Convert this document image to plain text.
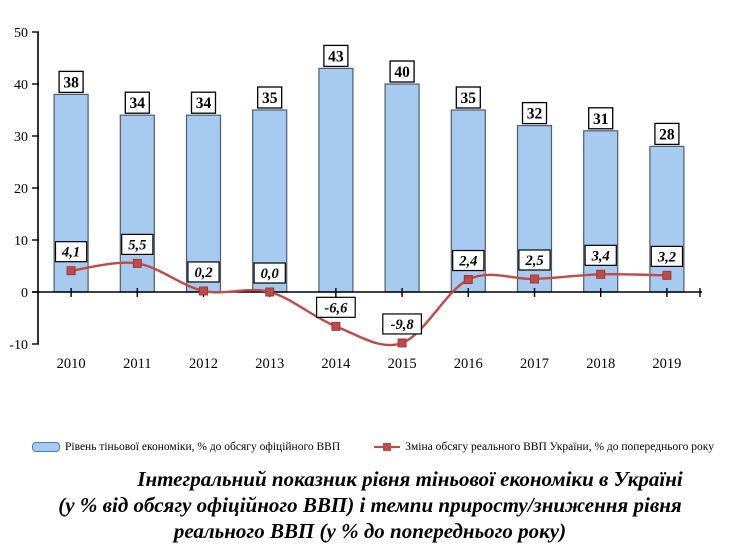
50
40
30
20
10
0
-10
2010	2011	2012	2013	2014	2015	2016	2017	2018	2019
4,1	5,5
0,2	0,0
-6,6
-9,8
2,4	2,5	3,4	3,2
38
34	34	35
43
40
35
32	31
28
Рівень тіньової економіки, % до обсягу офіційного ВВП	Зміна обсягу реального ВВП України, % до попереднього року
Інтегральний показник рівня тіньової економіки в Україні
(у % від обсягу офіційного ВВП) і темпи приросту/зниження рівня
реального ВВП (у % до попереднього року)
